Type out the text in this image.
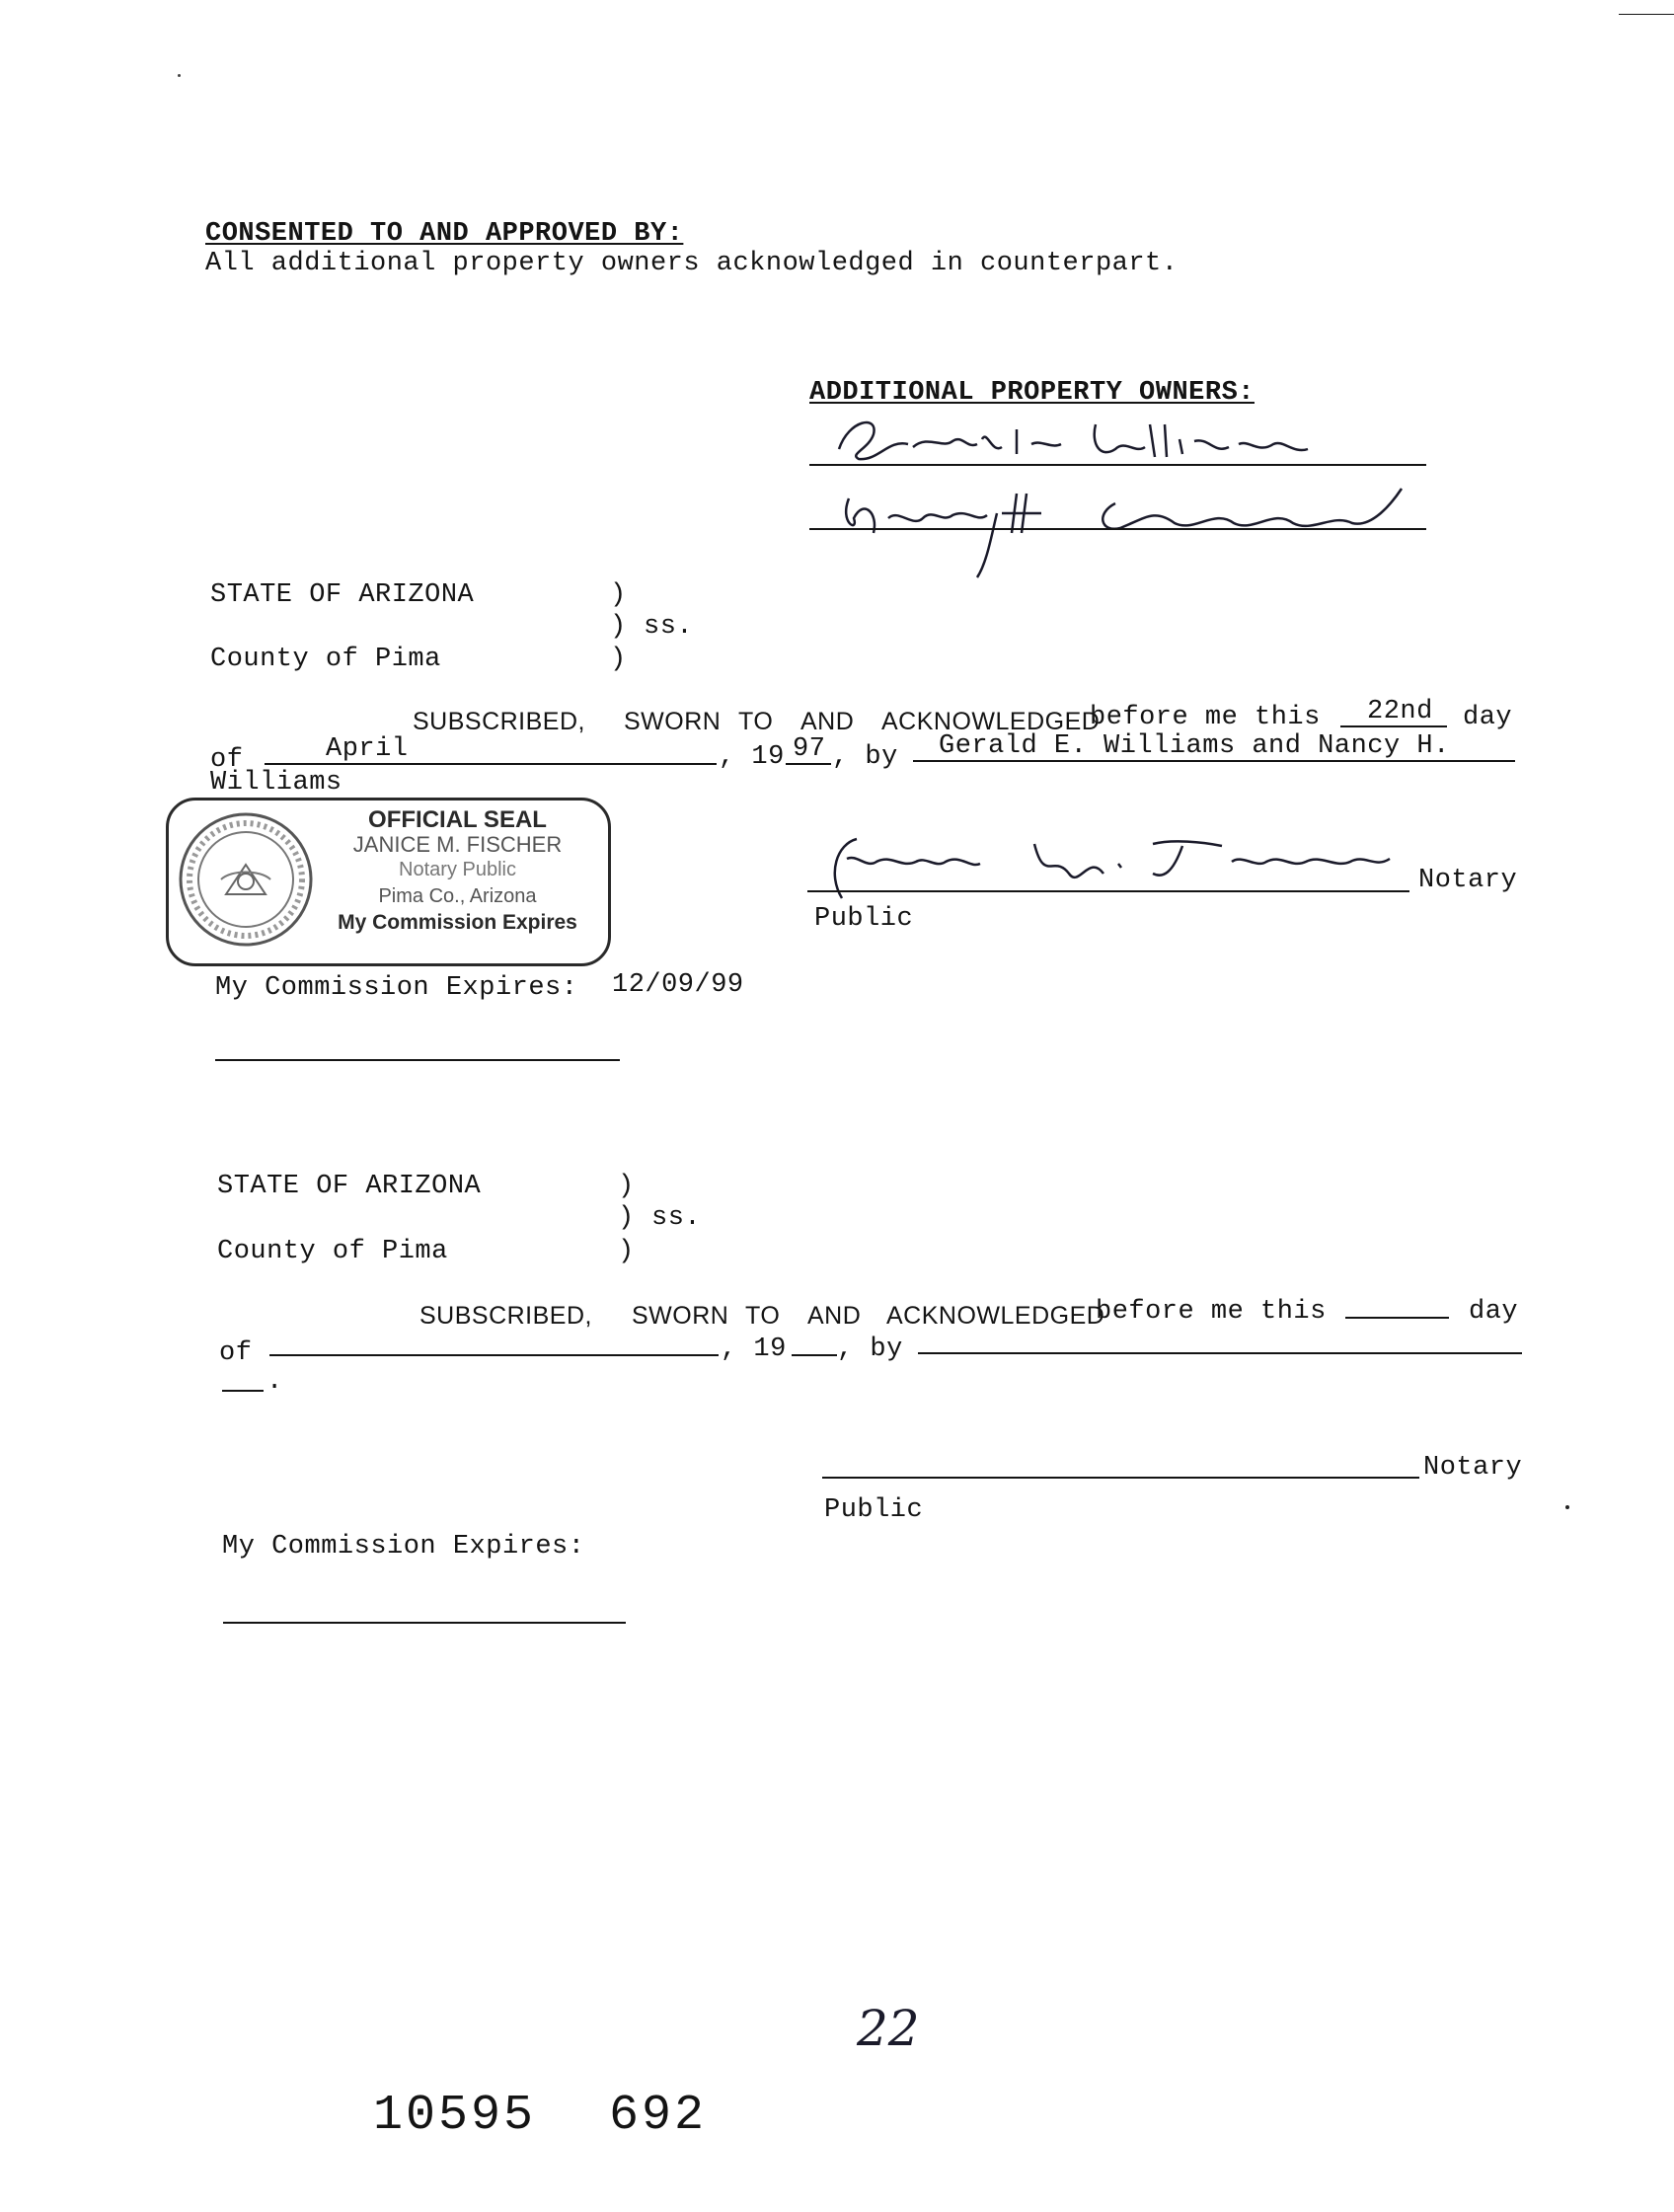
CONSENTED TO AND APPROVED BY:
All additional property owners acknowledged in counterpart.
ADDITIONAL PROPERTY OWNERS:
STATE OF ARIZONA	)
) ss.
)
County of Pima
SUBSCRIBED, SWORN TO AND ACKNOWLEDGED
before me this 22nd day
of	April	, 19 97 , by Gerald E. Williams and Nancy H.
Williams
OFFICIAL SEAL
JANICE M. FISCHER
Notary Public
Pima Co., Arizona
My Commission Expires
Notary
Public
My Commission Expires: 12/09/99
STATE OF ARIZONA	)
) ss.
)
County of Pima
SUBSCRIBED, SWORN TO AND ACKNOWLEDGED
before me this	day
of	, 19 , by
.
Notary
Public
My Commission Expires:
22
10595 692
